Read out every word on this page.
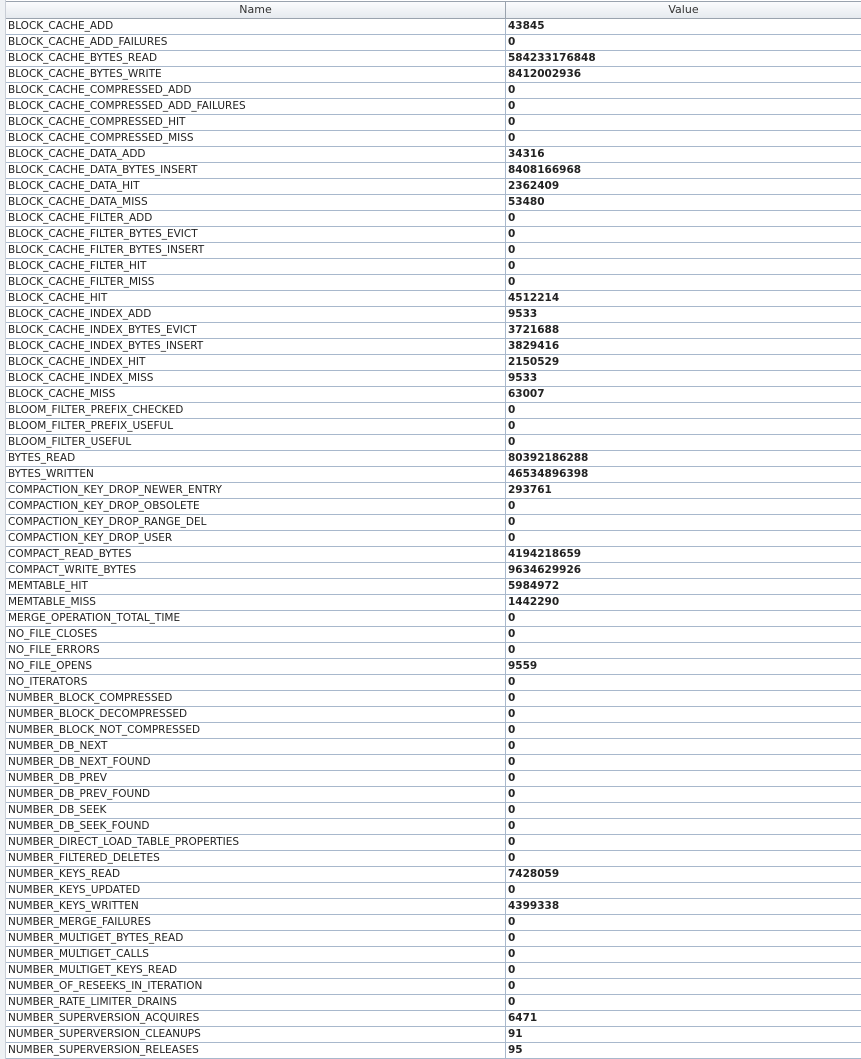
Name	Value
BLOCK_CACHE_ADD	43845
BLOCK_CACHE_ADD_FAILURES	0
BLOCK_CACHE_BYTES_READ	584233176848
BLOCK_CACHE_BYTES_WRITE	8412002936
BLOCK_CACHE_COMPRESSED_ADD	0
BLOCK_CACHE_COMPRESSED_ADD_FAILURES	0
BLOCK_CACHE_COMPRESSED_HIT	0
BLOCK_CACHE_COMPRESSED_MISS	0
BLOCK_CACHE_DATA_ADD	34316
BLOCK_CACHE_DATA_BYTES_INSERT	8408166968
BLOCK_CACHE_DATA_HIT	2362409
BLOCK_CACHE_DATA_MISS	53480
BLOCK_CACHE_FILTER_ADD	0
BLOCK_CACHE_FILTER_BYTES_EVICT	0
BLOCK_CACHE_FILTER_BYTES_INSERT	0
BLOCK_CACHE_FILTER_HIT	0
BLOCK_CACHE_FILTER_MISS	0
BLOCK_CACHE_HIT	4512214
BLOCK_CACHE_INDEX_ADD	9533
BLOCK_CACHE_INDEX_BYTES_EVICT	3721688
BLOCK_CACHE_INDEX_BYTES_INSERT	3829416
BLOCK_CACHE_INDEX_HIT	2150529
BLOCK_CACHE_INDEX_MISS	9533
BLOCK_CACHE_MISS	63007
BLOOM_FILTER_PREFIX_CHECKED	0
BLOOM_FILTER_PREFIX_USEFUL	0
BLOOM_FILTER_USEFUL	0
BYTES_READ	80392186288
BYTES_WRITTEN	46534896398
COMPACTION_KEY_DROP_NEWER_ENTRY	293761
COMPACTION_KEY_DROP_OBSOLETE	0
COMPACTION_KEY_DROP_RANGE_DEL	0
COMPACTION_KEY_DROP_USER	0
COMPACT_READ_BYTES	4194218659
COMPACT_WRITE_BYTES	9634629926
MEMTABLE_HIT	5984972
MEMTABLE_MISS	1442290
MERGE_OPERATION_TOTAL_TIME	0
NO_FILE_CLOSES	0
NO_FILE_ERRORS	0
NO_FILE_OPENS	9559
NO_ITERATORS	0
NUMBER_BLOCK_COMPRESSED	0
NUMBER_BLOCK_DECOMPRESSED	0
NUMBER_BLOCK_NOT_COMPRESSED	0
NUMBER_DB_NEXT	0
NUMBER_DB_NEXT_FOUND	0
NUMBER_DB_PREV	0
NUMBER_DB_PREV_FOUND	0
NUMBER_DB_SEEK	0
NUMBER_DB_SEEK_FOUND	0
NUMBER_DIRECT_LOAD_TABLE_PROPERTIES	0
NUMBER_FILTERED_DELETES	0
NUMBER_KEYS_READ	7428059
NUMBER_KEYS_UPDATED	0
NUMBER_KEYS_WRITTEN	4399338
NUMBER_MERGE_FAILURES	0
NUMBER_MULTIGET_BYTES_READ	0
NUMBER_MULTIGET_CALLS	0
NUMBER_MULTIGET_KEYS_READ	0
NUMBER_OF_RESEEKS_IN_ITERATION	0
NUMBER_RATE_LIMITER_DRAINS	0
NUMBER_SUPERVERSION_ACQUIRES	6471
NUMBER_SUPERVERSION_CLEANUPS	91
NUMBER_SUPERVERSION_RELEASES	95
